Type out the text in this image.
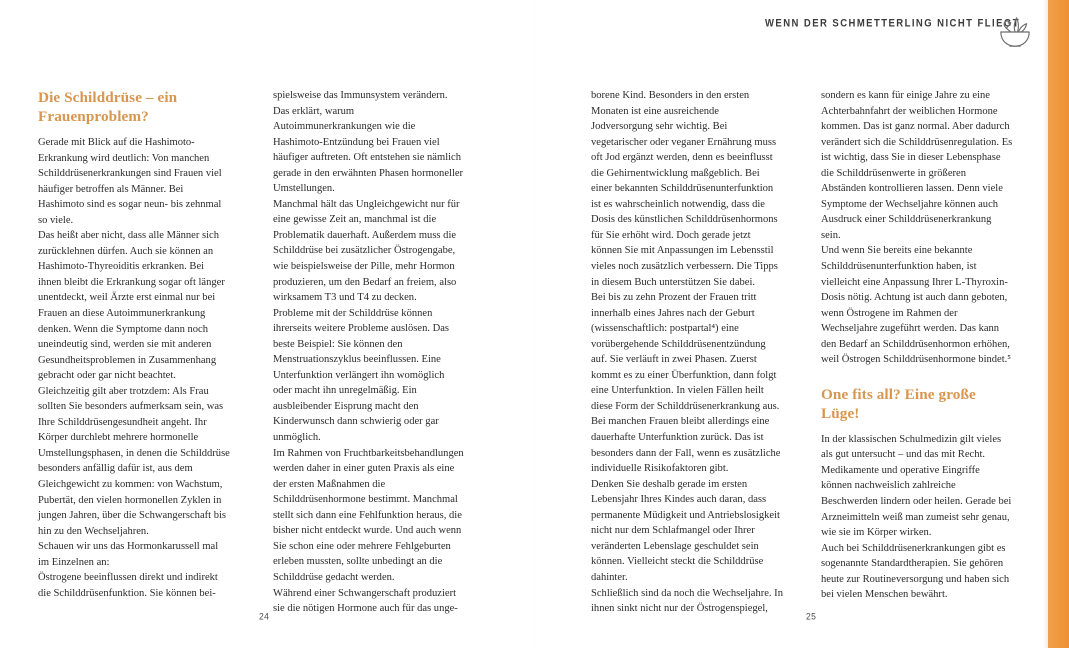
WENN DER SCHMETTERLING NICHT FLIEGT
Die Schilddrüse – ein Frauenproblem?

Gerade mit Blick auf die Hashimoto-Erkrankung wird deutlich: Von manchen Schilddrüsenerkrankungen sind Frauen viel häufiger betroffen als Männer. Bei Hashimoto sind es sogar neun- bis zehnmal so viele.

Das heißt aber nicht, dass alle Männer sich zurücklehnen dürfen. Auch sie können an Hashimoto-Thyreoiditis erkranken. Bei ihnen bleibt die Erkrankung sogar oft länger unentdeckt, weil Ärzte erst einmal nur bei Frauen an diese Autoimmunerkrankung denken. Wenn die Symptome dann noch uneindeutig sind, werden sie mit anderen Gesundheitsproblemen in Zusammenhang gebracht oder gar nicht beachtet.

Gleichzeitig gilt aber trotzdem: Als Frau sollten Sie besonders aufmerksam sein, was Ihre Schilddrüsengesundheit angeht. Ihr Körper durchlebt mehrere hormonelle Umstellungsphasen, in denen die Schilddrüse besonders anfällig dafür ist, aus dem Gleichgewicht zu kommen: von Wachstum, Pubertät, den vielen hormonellen Zyklen in jungen Jahren, über die Schwangerschaft bis hin zu den Wechseljahren.

Schauen wir uns das Hormonkarussell mal im Einzelnen an:

Östrogene beeinflussen direkt und indirekt die Schilddrüsenfunktion. Sie können bei-

spielsweise das Immunsystem verändern. Das erklärt, warum Autoimmunerkrankungen wie die Hashimoto-Entzündung bei Frauen viel häufiger auftreten. Oft entstehen sie nämlich gerade in den erwähnten Phasen hormoneller Umstellungen.

Manchmal hält das Ungleichgewicht nur für eine gewisse Zeit an, manchmal ist die Problematik dauerhaft. Außerdem muss die Schilddrüse bei zusätzlicher Östrogengabe, wie beispielsweise der Pille, mehr Hormon produzieren, um den Bedarf an freiem, also wirksamem T3 und T4 zu decken.

Probleme mit der Schilddrüse können ihrerseits weitere Probleme auslösen. Das beste Beispiel: Sie können den Menstruationszyklus beeinflussen. Eine Unterfunktion verlängert ihn womöglich oder macht ihn unregelmäßig. Ein ausbleibender Eisprung macht den Kinderwunsch dann schwierig oder gar unmöglich.

Im Rahmen von Fruchtbarkeitsbehandlungen werden daher in einer guten Praxis als eine der ersten Maßnahmen die Schilddrüsenhormone bestimmt. Manchmal stellt sich dann eine Fehlfunktion heraus, die bisher nicht entdeckt wurde. Und auch wenn Sie schon eine oder mehrere Fehlgeburten erleben mussten, sollte unbedingt an die Schilddrüse gedacht werden.

Während einer Schwangerschaft produziert sie die nötigen Hormone auch für das unge-

borene Kind. Besonders in den ersten Monaten ist eine ausreichende Jodversorgung sehr wichtig. Bei vegetarischer oder veganer Ernährung muss oft Jod ergänzt werden, denn es beeinflusst die Gehirnentwicklung maßgeblich. Bei einer bekannten Schilddrüsenunterfunktion ist es wahrscheinlich notwendig, dass die Dosis des künstlichen Schilddrüsenhormons für Sie erhöht wird. Doch gerade jetzt können Sie mit Anpassungen im Lebensstil vieles noch zusätzlich verbessern. Die Tipps in diesem Buch unterstützen Sie dabei.

Bei bis zu zehn Prozent der Frauen tritt innerhalb eines Jahres nach der Geburt (wissenschaftlich: postpartal⁴) eine vorübergehende Schilddrüsenentzündung auf. Sie verläuft in zwei Phasen. Zuerst kommt es zu einer Überfunktion, dann folgt eine Unterfunktion. In vielen Fällen heilt diese Form der Schilddrüsenerkrankung aus. Bei manchen Frauen bleibt allerdings eine dauerhafte Unterfunktion zurück. Das ist besonders dann der Fall, wenn es zusätzliche individuelle Risikofaktoren gibt.

Denken Sie deshalb gerade im ersten Lebensjahr Ihres Kindes auch daran, dass permanente Müdigkeit und Antriebslosigkeit nicht nur dem Schlafmangel oder Ihrer veränderten Lebenslage geschuldet sein können. Vielleicht steckt die Schilddrüse dahinter.

Schließlich sind da noch die Wechseljahre. In ihnen sinkt nicht nur der Östrogenspiegel,

sondern es kann für einige Jahre zu eine Achterbahnfahrt der weiblichen Hormone kommen. Das ist ganz normal. Aber dadurch verändert sich die Schilddrüsenregulation. Es ist wichtig, dass Sie in dieser Lebensphase die Schilddrüsenwerte in größeren Abständen kontrollieren lassen. Denn viele Symptome der Wechseljahre können auch Ausdruck einer Schilddrüsenerkrankung sein.

Und wenn Sie bereits eine bekannte Schilddrüsenunterfunktion haben, ist vielleicht eine Anpassung Ihrer L-Thyroxin-Dosis nötig. Achtung ist auch dann geboten, wenn Östrogene im Rahmen der Wechseljahre zugeführt werden. Das kann den Bedarf an Schilddrüsenhormon erhöhen, weil Östrogen Schilddrüsenhormone bindet.⁵

One fits all? Eine große Lüge!

In der klassischen Schulmedizin gilt vieles als gut untersucht – und das mit Recht. Medikamente und operative Eingriffe können nachweislich zahlreiche Beschwerden lindern oder heilen. Gerade bei Arzneimitteln weiß man zumeist sehr genau, wie sie im Körper wirken.

Auch bei Schilddrüsenerkrankungen gibt es sogenannte Standardtherapien. Sie gehören heute zur Routineversorgung und haben sich bei vielen Menschen bewährt.

24	25
